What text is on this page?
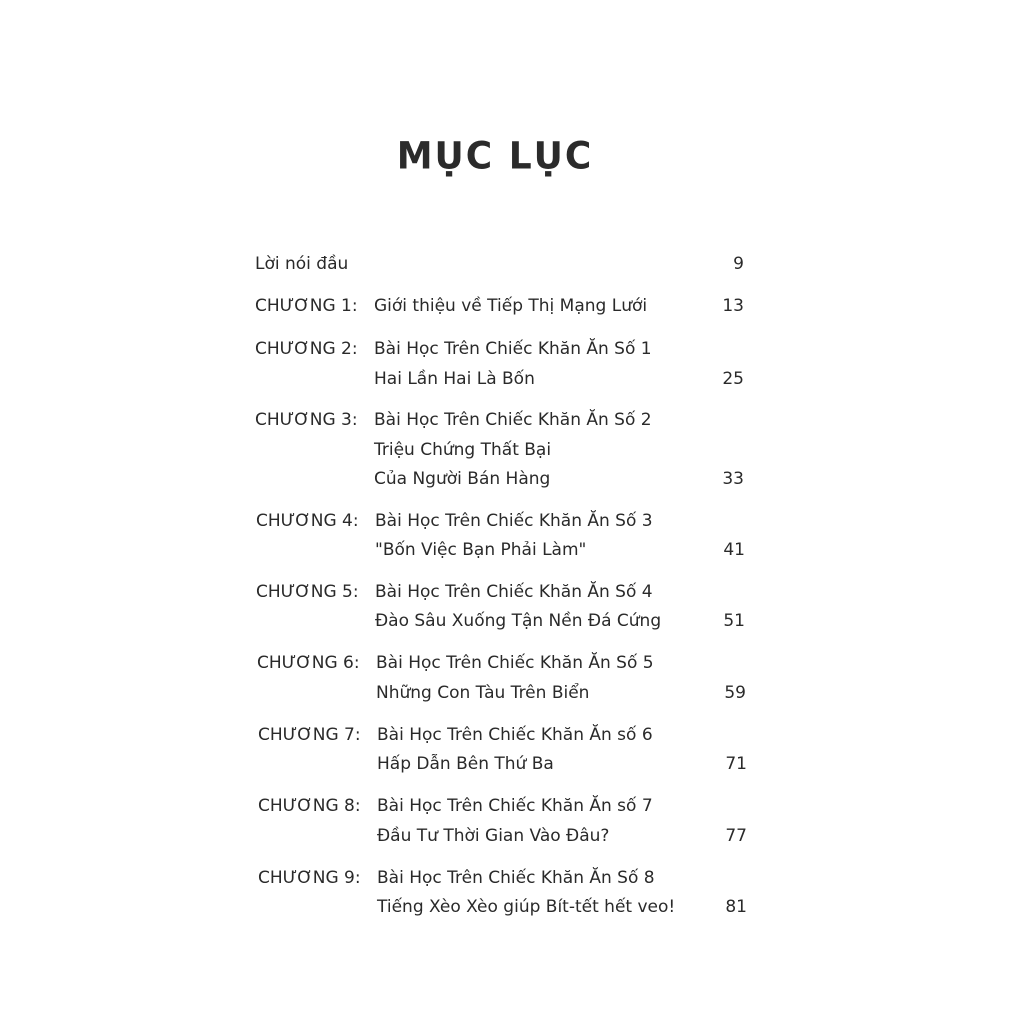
MỤC LỤC
Lời nói đầu	9
CHƯƠNG 1: Giới thiệu về Tiếp Thị Mạng Lưới	13
CHƯƠNG 2: Bài Học Trên Chiếc Khăn Ăn Số 1
Hai Lần Hai Là Bốn	25
CHƯƠNG 3: Bài Học Trên Chiếc Khăn Ăn Số 2
Triệu Chứng Thất Bại
Của Người Bán Hàng	33
CHƯƠNG 4: Bài Học Trên Chiếc Khăn Ăn Số 3
"Bốn Việc Bạn Phải Làm"	41
CHƯƠNG 5: Bài Học Trên Chiếc Khăn Ăn Số 4
Đào Sâu Xuống Tận Nền Đá Cứng	51
CHƯƠNG 6: Bài Học Trên Chiếc Khăn Ăn Số 5
Những Con Tàu Trên Biển	59
CHƯƠNG 7: Bài Học Trên Chiếc Khăn Ăn số 6
Hấp Dẫn Bên Thứ Ba	71
CHƯƠNG 8: Bài Học Trên Chiếc Khăn Ăn số 7
Đầu Tư Thời Gian Vào Đâu?	77
CHƯƠNG 9: Bài Học Trên Chiếc Khăn Ăn Số 8
Tiếng Xèo Xèo giúp Bít-tết hết veo!	81
